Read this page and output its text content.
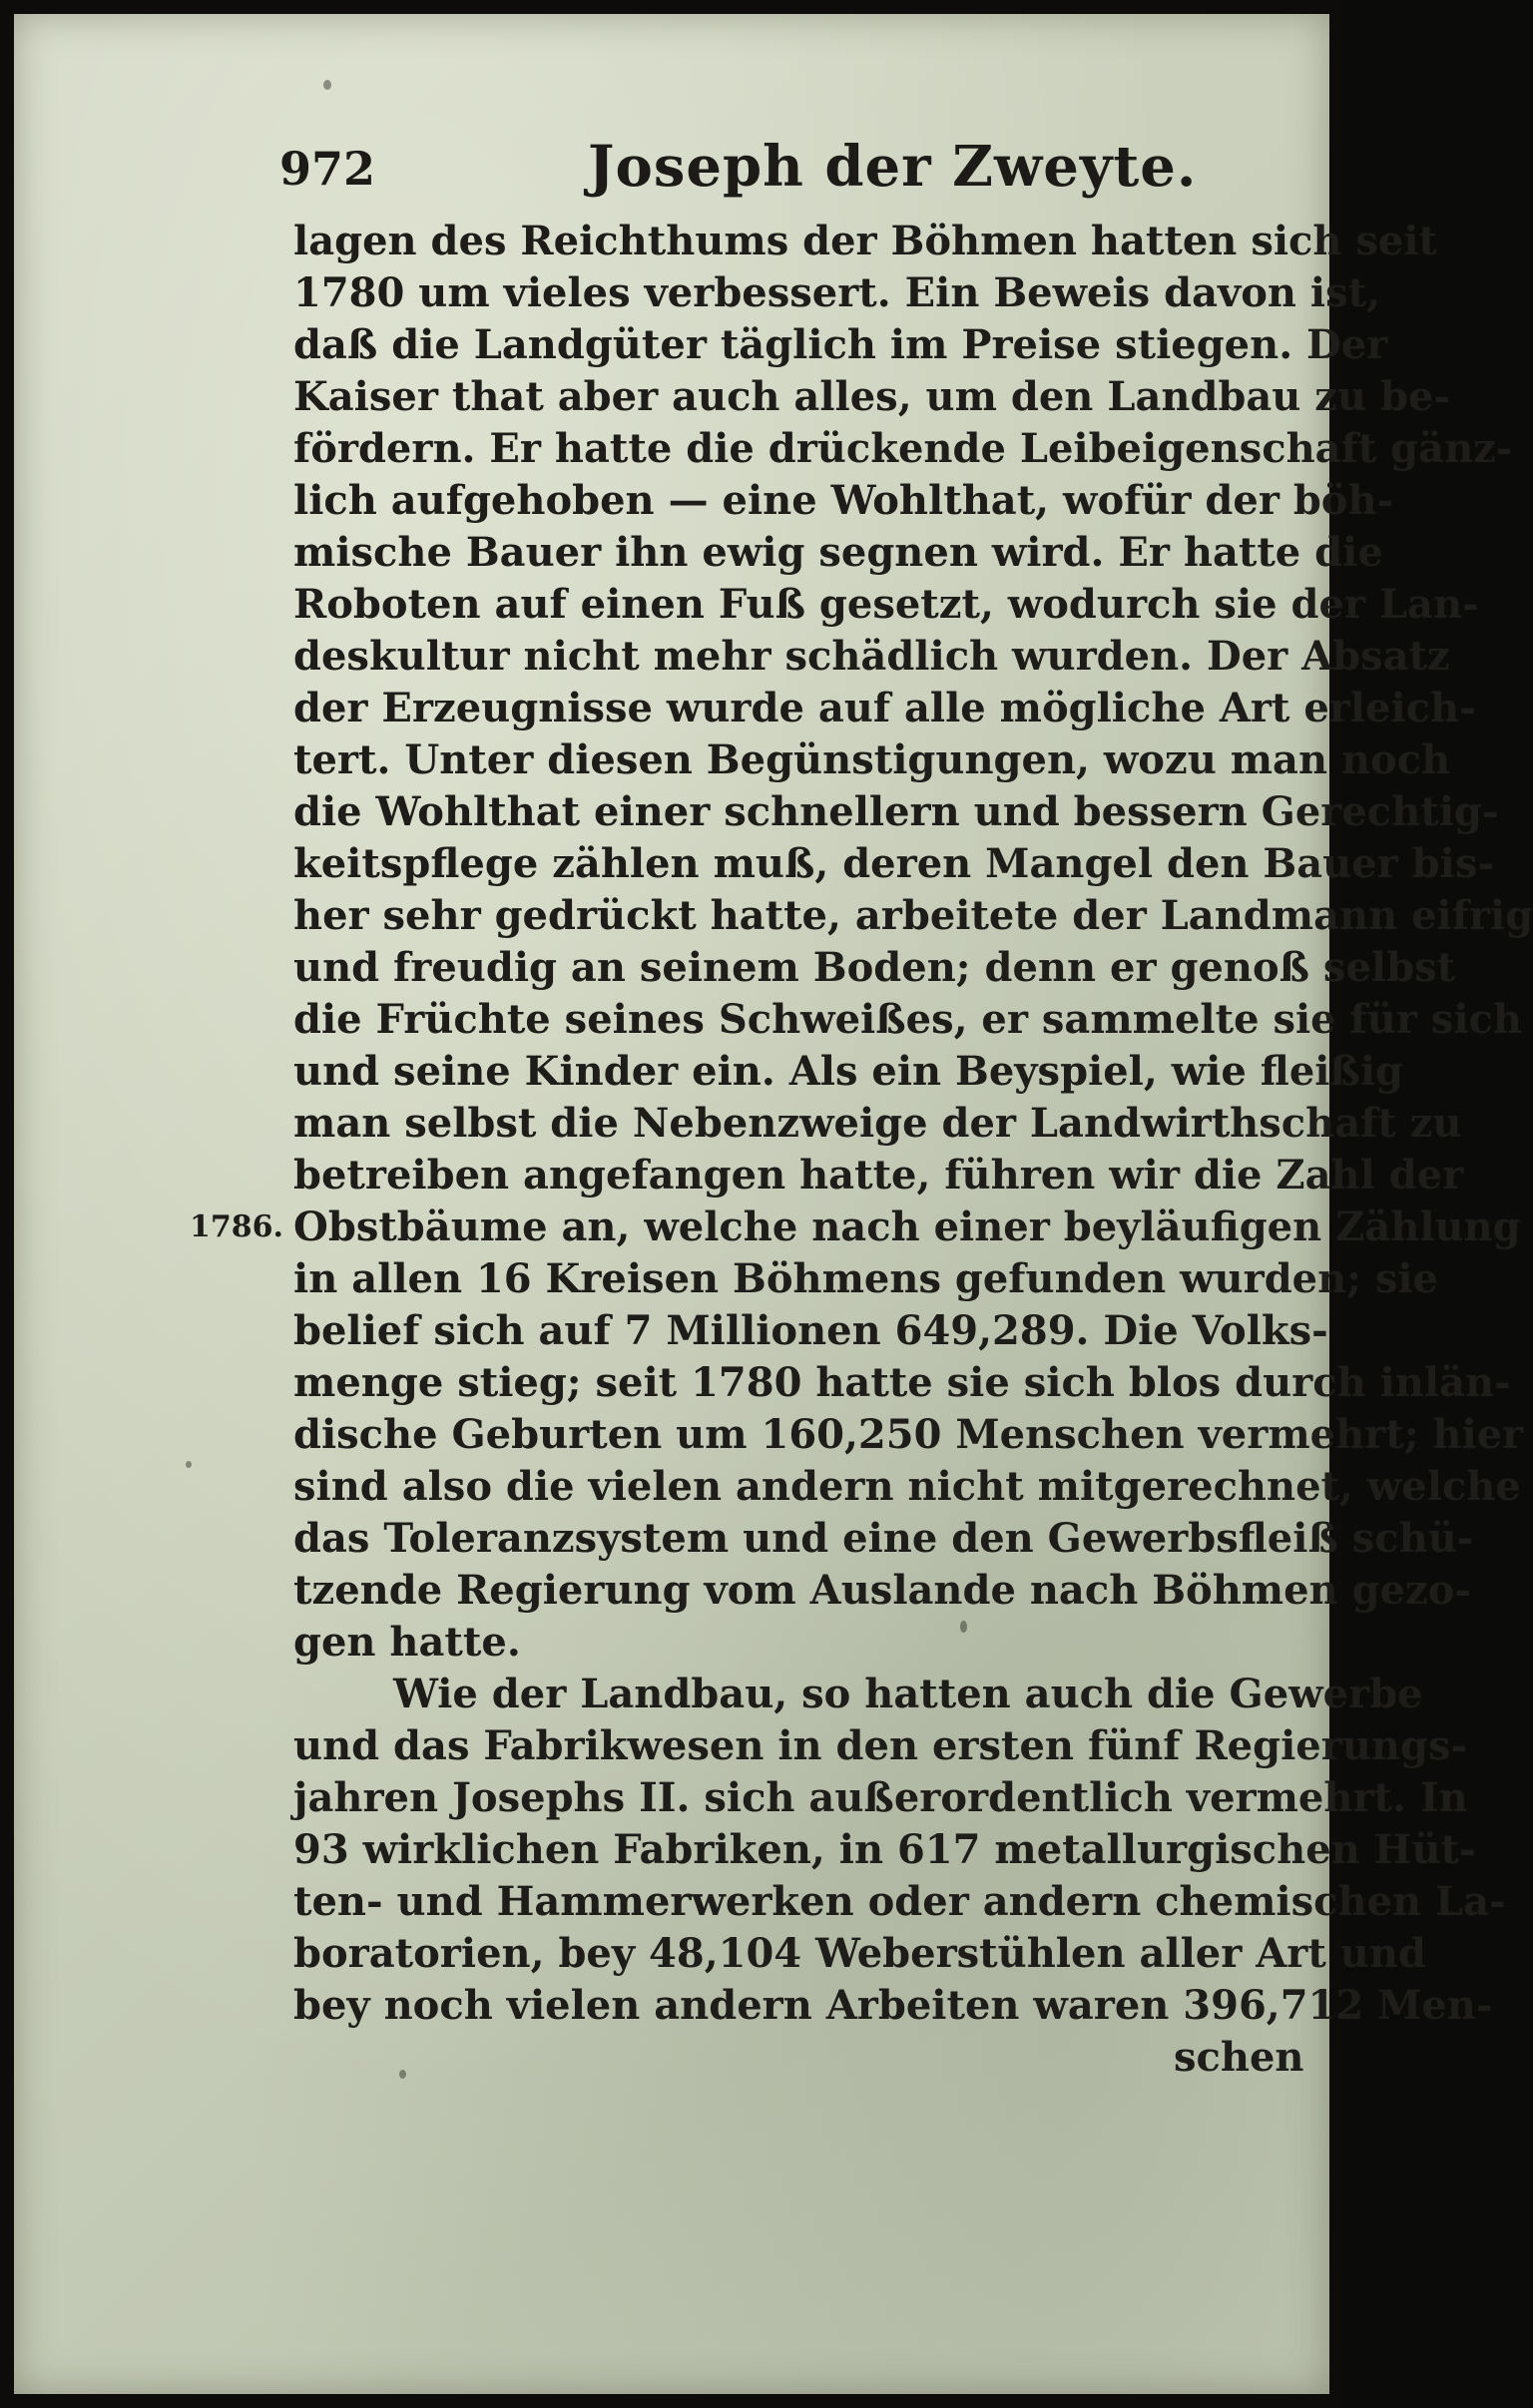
972	Joseph der Zweyte.
1786.
lagen des Reichthums der Böhmen hatten sich seit
1780 um vieles verbessert. Ein Beweis davon ist,
daß die Landgüter täglich im Preise stiegen. Der
Kaiser that aber auch alles, um den Landbau zu be-
fördern. Er hatte die drückende Leibeigenschaft gänz-
lich aufgehoben — eine Wohlthat, wofür der böh-
mische Bauer ihn ewig segnen wird. Er hatte die
Roboten auf einen Fuß gesetzt, wodurch sie der Lan-
deskultur nicht mehr schädlich wurden. Der Absatz
der Erzeugnisse wurde auf alle mögliche Art erleich-
tert. Unter diesen Begünstigungen, wozu man noch
die Wohlthat einer schnellern und bessern Gerechtig-
keitspflege zählen muß, deren Mangel den Bauer bis-
her sehr gedrückt hatte, arbeitete der Landmann eifrig
und freudig an seinem Boden; denn er genoß selbst
die Früchte seines Schweißes, er sammelte sie für sich
und seine Kinder ein. Als ein Beyspiel, wie fleißig
man selbst die Nebenzweige der Landwirthschaft zu
betreiben angefangen hatte, führen wir die Zahl der
Obstbäume an, welche nach einer beyläufigen Zählung
in allen 16 Kreisen Böhmens gefunden wurden; sie
belief sich auf 7 Millionen 649,289. Die Volks-
menge stieg; seit 1780 hatte sie sich blos durch inlän-
dische Geburten um 160,250 Menschen vermehrt; hier
sind also die vielen andern nicht mitgerechnet, welche
das Toleranzsystem und eine den Gewerbsfleiß schü-
tzende Regierung vom Auslande nach Böhmen gezo-
gen hatte.
Wie der Landbau, so hatten auch die Gewerbe
und das Fabrikwesen in den ersten fünf Regierungs-
jahren Josephs II. sich außerordentlich vermehrt. In
93 wirklichen Fabriken, in 617 metallurgischen Hüt-
ten- und Hammerwerken oder andern chemischen La-
boratorien, bey 48,104 Weberstühlen aller Art und
bey noch vielen andern Arbeiten waren 396,712 Men-
schen
